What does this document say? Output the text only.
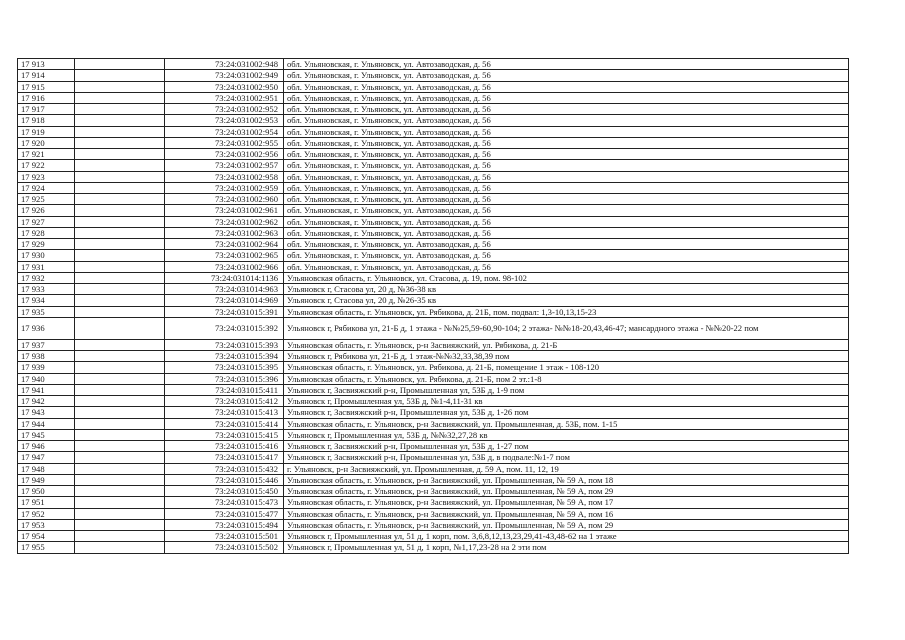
17 913		73:24:031002:948	обл. Ульяновская, г. Ульяновск, ул. Автозаводская, д. 56
17 914		73:24:031002:949	обл. Ульяновская, г. Ульяновск, ул. Автозаводская, д. 56
17 915		73:24:031002:950	обл. Ульяновская, г. Ульяновск, ул. Автозаводская, д. 56
17 916		73:24:031002:951	обл. Ульяновская, г. Ульяновск, ул. Автозаводская, д. 56
17 917		73:24:031002:952	обл. Ульяновская, г. Ульяновск, ул. Автозаводская, д. 56
17 918		73:24:031002:953	обл. Ульяновская, г. Ульяновск, ул. Автозаводская, д. 56
17 919		73:24:031002:954	обл. Ульяновская, г. Ульяновск, ул. Автозаводская, д. 56
17 920		73:24:031002:955	обл. Ульяновская, г. Ульяновск, ул. Автозаводская, д. 56
17 921		73:24:031002:956	обл. Ульяновская, г. Ульяновск, ул. Автозаводская, д. 56
17 922		73:24:031002:957	обл. Ульяновская, г. Ульяновск, ул. Автозаводская, д. 56
17 923		73:24:031002:958	обл. Ульяновская, г. Ульяновск, ул. Автозаводская, д. 56
17 924		73:24:031002:959	обл. Ульяновская, г. Ульяновск, ул. Автозаводская, д. 56
17 925		73:24:031002:960	обл. Ульяновская, г. Ульяновск, ул. Автозаводская, д. 56
17 926		73:24:031002:961	обл. Ульяновская, г. Ульяновск, ул. Автозаводская, д. 56
17 927		73:24:031002:962	обл. Ульяновская, г. Ульяновск, ул. Автозаводская, д. 56
17 928		73:24:031002:963	обл. Ульяновская, г. Ульяновск, ул. Автозаводская, д. 56
17 929		73:24:031002:964	обл. Ульяновская, г. Ульяновск, ул. Автозаводская, д. 56
17 930		73:24:031002:965	обл. Ульяновская, г. Ульяновск, ул. Автозаводская, д. 56
17 931		73:24:031002:966	обл. Ульяновская, г. Ульяновск, ул. Автозаводская, д. 56
17 932		73:24:031014:1136	Ульяновская область, г. Ульяновск, ул. Стасова, д. 19, пом. 98-102
17 933		73:24:031014:963	Ульяновск г, Стасова ул, 20 д, №36-38 кв
17 934		73:24:031014:969	Ульяновск г, Стасова ул, 20 д, №26-35 кв
17 935		73:24:031015:391	Ульяновская область, г. Ульяновск, ул. Рябикова, д. 21Б, пом. подвал: 1,3-10,13,15-23
17 936		73:24:031015:392	Ульяновск г, Рябикова ул, 21-Б д, 1 этажа - №№25,59-60,90-104; 2 этажа- №№18-20,43,46-47; мансардного этажа - №№20-22 пом
17 937		73:24:031015:393	Ульяновская область, г. Ульяновск, р-н Засвияжский, ул. Рябикова, д. 21-Б
17 938		73:24:031015:394	Ульяновск г, Рябикова ул, 21-Б д, 1 этаж-№№32,33,38,39 пом
17 939		73:24:031015:395	Ульяновская область, г. Ульяновск, ул. Рябикова, д. 21-Б, помещение 1 этаж - 108-120
17 940		73:24:031015:396	Ульяновская область, г. Ульяновск, ул. Рябикова, д. 21-Б, пом 2 эт.:1-8
17 941		73:24:031015:411	Ульяновск г, Засвияжский р-н, Промышленная ул, 53Б д, 1-9 пом
17 942		73:24:031015:412	Ульяновск г, Промышленная ул, 53Б д, №1-4,11-31 кв
17 943		73:24:031015:413	Ульяновск г, Засвияжский р-н, Промышленная ул, 53Б д, 1-26 пом
17 944		73:24:031015:414	Ульяновская область, г. Ульяновск, р-н Засвияжский, ул. Промышленная, д. 53Б, пом. 1-15
17 945		73:24:031015:415	Ульяновск г, Промышленная ул, 53Б д, №№32,27,28 кв
17 946		73:24:031015:416	Ульяновск г, Засвияжский р-н, Промышленная ул, 53Б д, 1-27 пом
17 947		73:24:031015:417	Ульяновск г, Засвияжский р-н, Промышленная ул, 53Б д, в подвале:№1-7 пом
17 948		73:24:031015:432	г. Ульяновск, р-н Засвияжский, ул. Промышленная, д. 59 А, пом. 11, 12, 19
17 949		73:24:031015:446	Ульяновская область, г. Ульяновск, р-н Засвияжский, ул. Промышленная, № 59 А, пом 18
17 950		73:24:031015:450	Ульяновская область, г. Ульяновск, р-н Засвияжский, ул. Промышленная, № 59 А, пом 29
17 951		73:24:031015:473	Ульяновская область, г. Ульяновск, р-н Засвияжский, ул. Промышленная, № 59 А, пом 17
17 952		73:24:031015:477	Ульяновская область, г. Ульяновск, р-н Засвияжский, ул. Промышленная, № 59 А, пом 16
17 953		73:24:031015:494	Ульяновская область, г. Ульяновск, р-н Засвияжский, ул. Промышленная, № 59 А, пом 29
17 954		73:24:031015:501	Ульяновск г, Промышленная ул, 51 д, 1 корп, пом. 3,6,8,12,13,23,29,41-43,48-62 на 1 этаже
17 955		73:24:031015:502	Ульяновск г, Промышленная ул, 51 д, 1 корп, №1,17,23-28 на 2 эти пом
